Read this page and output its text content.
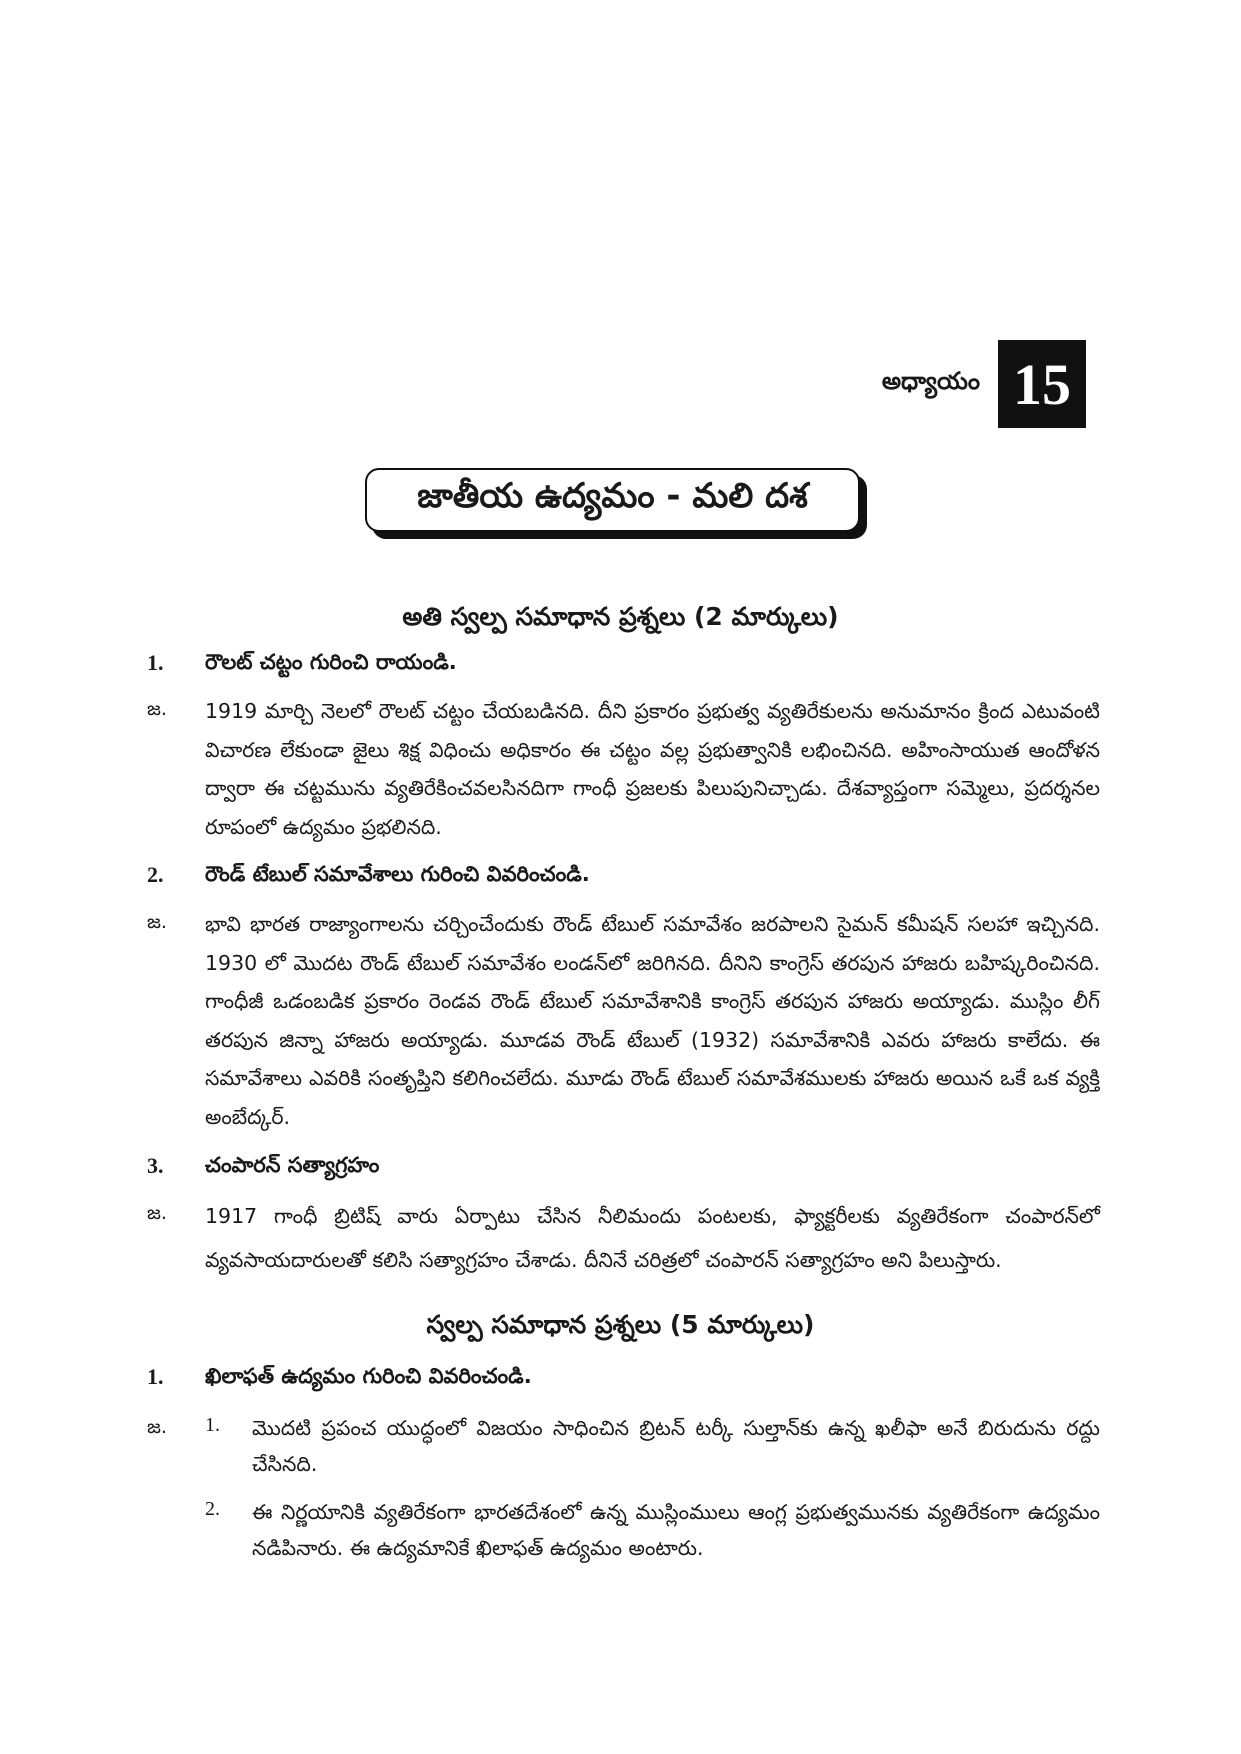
అధ్యాయం 15
జాతీయ ఉద్యమం - మలి దశ
అతి స్వల్ప సమాధాన ప్రశ్నలు (2 మార్కులు)
1. రౌలట్ చట్టం గురించి రాయండి.
జ. 1919 మార్చి నెలలో రౌలట్ చట్టం చేయబడినది. దీని ప్రకారం ప్రభుత్వ వ్యతిరేకులను అనుమానం క్రింద ఎటువంటి విచారణ లేకుండా జైలు శిక్ష విధించు అధికారం ఈ చట్టం వల్ల ప్రభుత్వానికి లభించినది. అహింసాయుత ఆందోళన ద్వారా ఈ చట్టమును వ్యతిరేకించవలసినదిగా గాంధీ ప్రజలకు పిలుపునిచ్చాడు. దేశవ్యాప్తంగా సమ్మెలు, ప్రదర్శనల రూపంలో ఉద్యమం ప్రభలినది.
2. రౌండ్ టేబుల్ సమావేశాలు గురించి వివరించండి.
జ. భావి భారత రాజ్యాంగాలను చర్చించేందుకు రౌండ్ టేబుల్ సమావేశం జరపాలని సైమన్ కమీషన్ సలహా ఇచ్చినది. 1930 లో మొదట రౌండ్ టేబుల్ సమావేశం లండన్‌లో జరిగినది. దీనిని కాంగ్రెస్ తరపున హాజరు బహిష్కరించినది. గాంధీజీ ఒడంబడిక ప్రకారం రెండవ రౌండ్ టేబుల్ సమావేశానికి కాంగ్రెస్ తరపున హాజరు అయ్యాడు. ముస్లిం లీగ్ తరపున జిన్నా హాజరు అయ్యాడు. మూడవ రౌండ్ టేబుల్ (1932) సమావేశానికి ఎవరు హాజరు కాలేదు. ఈ సమావేశాలు ఎవరికి సంతృప్తిని కలిగించలేదు. మూడు రౌండ్ టేబుల్ సమావేశములకు హాజరు అయిన ఒకే ఒక వ్యక్తి అంబేద్కర్.
3. చంపారన్ సత్యాగ్రహం
జ. 1917 గాంధీ బ్రిటిష్ వారు ఏర్పాటు చేసిన నీలిమందు పంటలకు, ఫ్యాక్టరీలకు వ్యతిరేకంగా చంపారన్‌లో వ్యవసాయదారులతో కలిసి సత్యాగ్రహం చేశాడు. దీనినే చరిత్రలో చంపారన్ సత్యాగ్రహం అని పిలుస్తారు.
స్వల్ప సమాధాన ప్రశ్నలు (5 మార్కులు)
1. ఖిలాఫత్ ఉద్యమం గురించి వివరించండి.
జ. 1. మొదటి ప్రపంచ యుద్ధంలో విజయం సాధించిన బ్రిటన్ టర్కీ సుల్తాన్‌కు ఉన్న ఖలీఫా అనే బిరుదును రద్దు చేసినది.
2. ఈ నిర్ణయానికి వ్యతిరేకంగా భారతదేశంలో ఉన్న ముస్లింములు ఆంగ్ల ప్రభుత్వమునకు వ్యతిరేకంగా ఉద్యమం నడిపినారు. ఈ ఉద్యమానికే ఖిలాఫత్ ఉద్యమం అంటారు.
